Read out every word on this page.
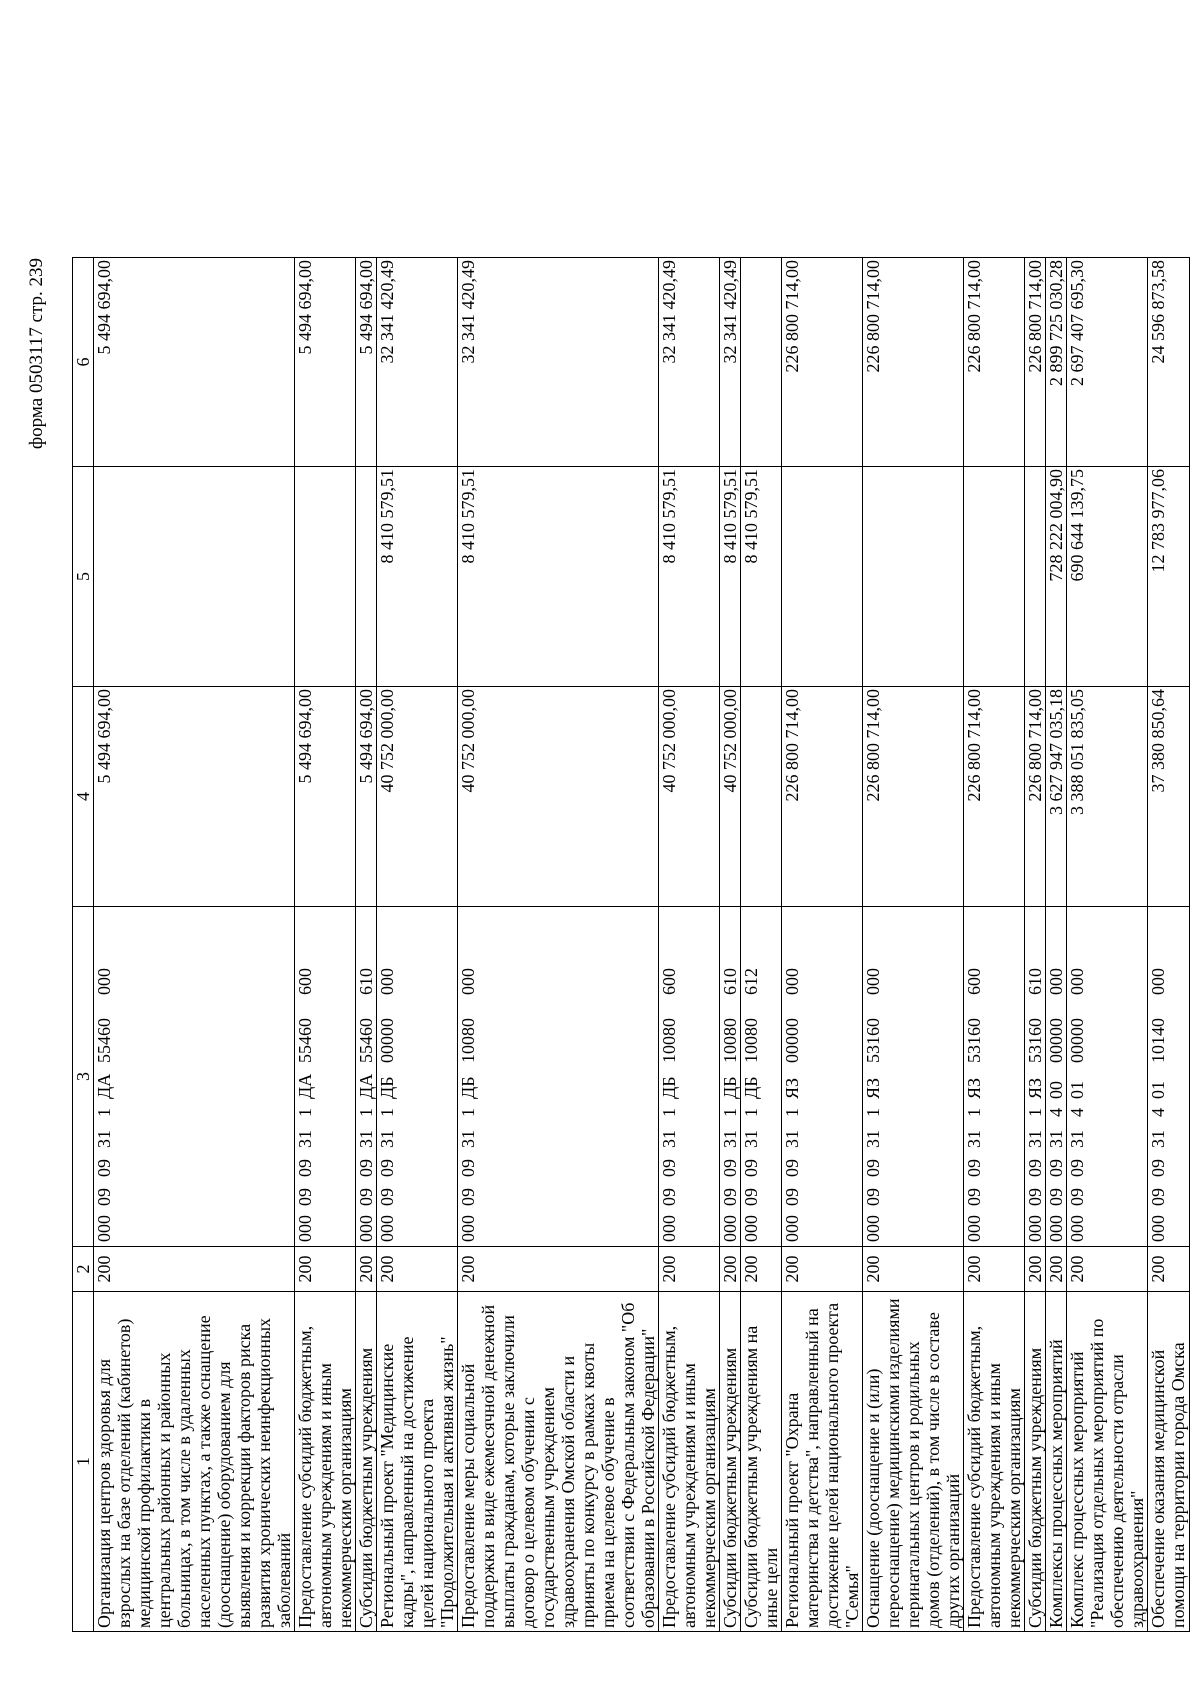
форма 0503117 стр. 239
1	2	3	4	5	6
Организация центров здоровья для взрослых на базе отделений (кабинетов) медицинской профилактики в центральных районных и районных больницах, в том числе в удаленных населенных пунктах, а также оснащение (дооснащение) оборудованием для выявления и коррекции факторов риска развития хронических неинфекционных заболеваний	200	0000909311ДА55460000	5 494 694,00		5 494 694,00
Предоставление субсидий бюджетным, автономным учреждениям и иным некоммерческим организациям	200	0000909311ДА55460600	5 494 694,00		5 494 694,00
Субсидии бюджетным учреждениям	200	0000909311ДА55460610	5 494 694,00		5 494 694,00
Региональный проект "Медицинские кадры", направленный на достижение целей национального проекта "Продолжительная и активная жизнь"	200	0000909311ДБ00000000	40 752 000,00	8 410 579,51	32 341 420,49
Предоставление меры социальной поддержки в виде ежемесячной денежной выплаты гражданам, которые заключили договор о целевом обучении с государственным учреждением здравоохранения Омской области и приняты по конкурсу в рамках квоты приема на целевое обучение в соответствии с Федеральным законом "Об образовании в Российской Федерации"	200	0000909311ДБ10080000	40 752 000,00	8 410 579,51	32 341 420,49
Предоставление субсидий бюджетным, автономным учреждениям и иным некоммерческим организациям	200	0000909311ДБ10080600	40 752 000,00	8 410 579,51	32 341 420,49
Субсидии бюджетным учреждениям	200	0000909311ДБ10080610	40 752 000,00	8 410 579,51	32 341 420,49
Субсидии бюджетным учреждениям на иные цели	200	0000909311ДБ10080612		8 410 579,51	
Региональный проект "Охрана материнства и детства", направленный на достижение целей национального проекта "Семья"	200	0000909311ЯЗ00000000	226 800 714,00		226 800 714,00
Оснащение (дооснащение и (или) переоснащение) медицинскими изделиями перинатальных центров и родильных домов (отделений), в том числе в составе других организаций	200	0000909311ЯЗ53160000	226 800 714,00		226 800 714,00
Предоставление субсидий бюджетным, автономным учреждениям и иным некоммерческим организациям	200	0000909311ЯЗ53160600	226 800 714,00		226 800 714,00
Субсидии бюджетным учреждениям	200	0000909311ЯЗ53160610	226 800 714,00		226 800 714,00
Комплексы процессных мероприятий	200	00009093140000000000	3 627 947 035,18	728 222 004,90	2 899 725 030,28
Комплекс процессных мероприятий "Реализация отдельных мероприятий по обеспечению деятельности отрасли здравоохранения"	200	00009093140100000000	3 388 051 835,05	690 644 139,75	2 697 407 695,30
Обеспечение оказания медицинской помощи на территории города Омска	200	00009093140110140000	37 380 850,64	12 783 977,06	24 596 873,58
